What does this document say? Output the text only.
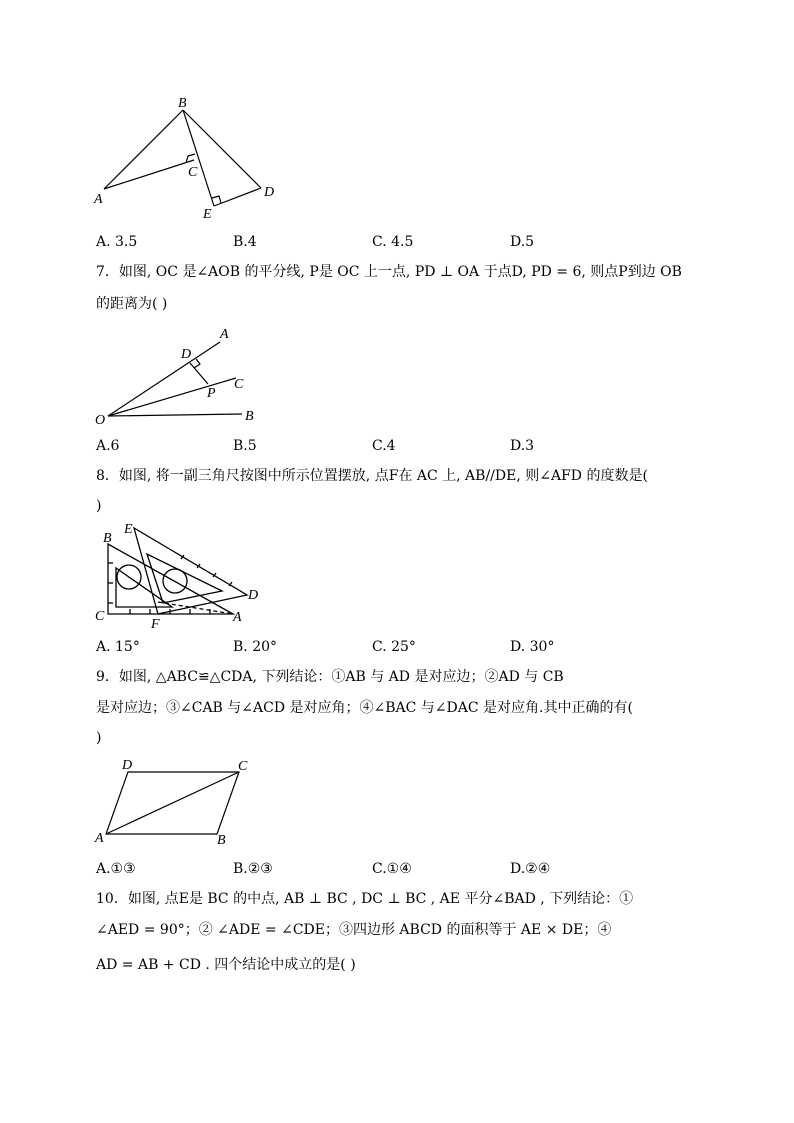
B
C
A	D
E
A. 3.5	B.4	C. 4.5	D.5
7．如图, OC 是∠AOB 的平分线, P是 OC 上一点, PD ⊥ OA 于点D, PD = 6, 则点P到边 OB
的距离为( )
A
D
C
P
O	B
A.6	B.5	C.4	D.3
8．如图, 将一副三角尺按图中所示位置摆放, 点F在 AC 上, AB//DE, 则∠AFD 的度数是(
)
E
B
D
C	A
F
A. 15°	B. 20°	C. 25°	D. 30°
9．如图, △ABC≌△CDA, 下列结论：①AB 与 AD 是对应边；②AD 与 CB
是对应边；③∠CAB 与∠ACD 是对应角；④∠BAC 与∠DAC 是对应角.其中正确的有(
)
D	C
A	B
A.①③	B.②③	C.①④	D.②④
10．如图, 点E是 BC 的中点, AB ⊥ BC , DC ⊥ BC , AE 平分∠BAD , 下列结论：①
∠AED = 90°；② ∠ADE = ∠CDE；③四边形 ABCD 的面积等于 AE × DE；④
AD = AB + CD . 四个结论中成立的是( )
